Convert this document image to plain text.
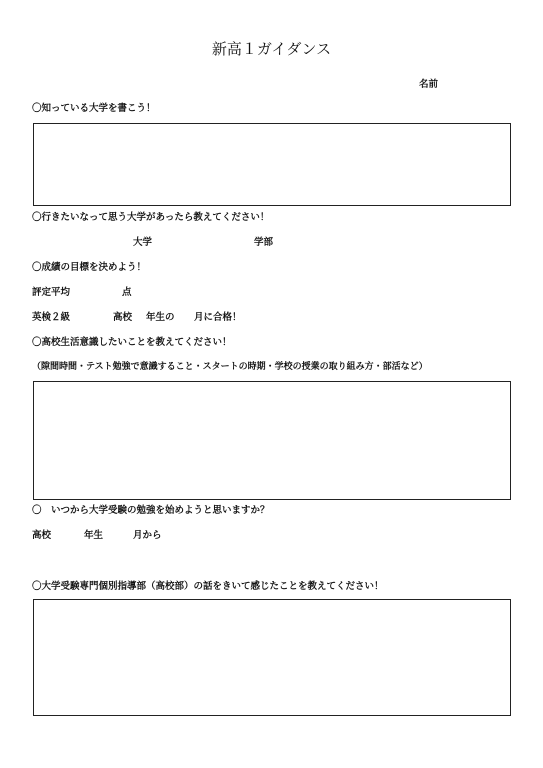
新高１ガイダンス
名前
〇知っている大学を書こう！
〇行きたいなって思う大学があったら教えてください！
大学	学部
〇成績の目標を決めよう！
評定平均	点
英検２級	高校 年生の 月に合格！
〇高校生活意識したいことを教えてください！
（隙間時間・テスト勉強で意識すること・スタートの時期・学校の授業の取り組み方・部活など）
〇　いつから大学受験の勉強を始めようと思いますか？
高校	年生	月から
〇大学受験専門個別指導部（高校部）の話をきいて感じたことを教えてください！
